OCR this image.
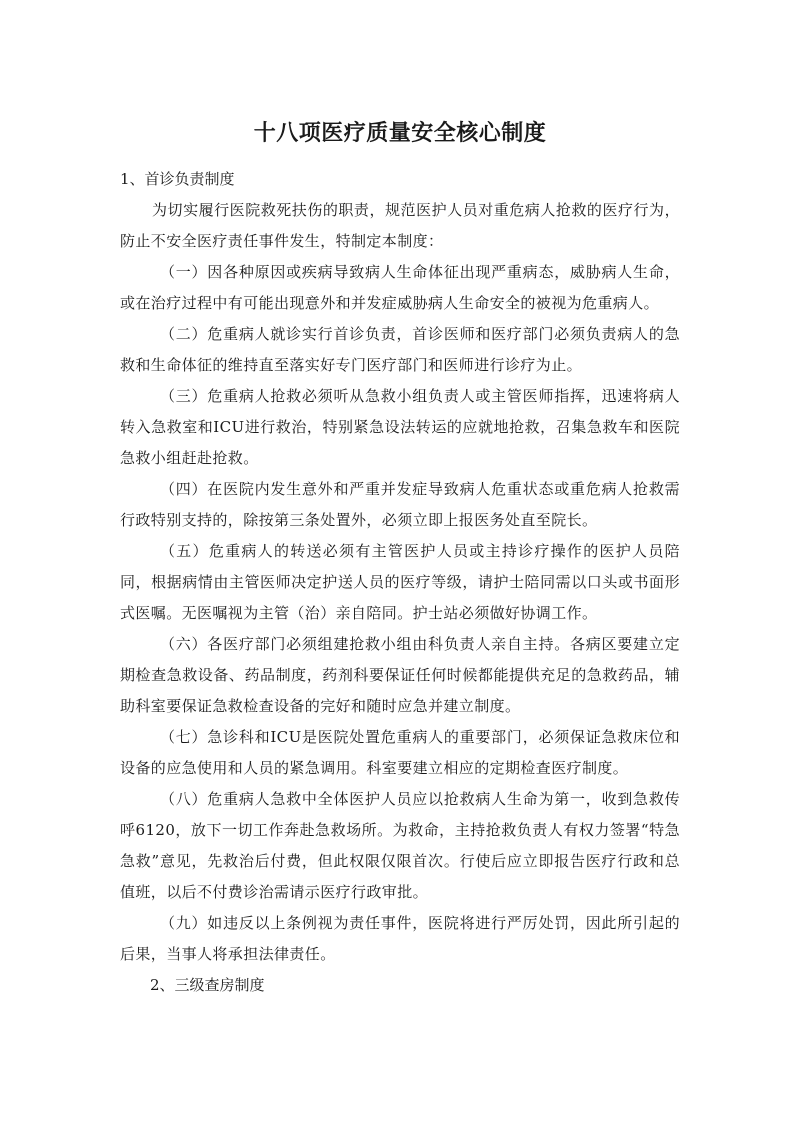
十八项医疗质量安全核心制度
1、首诊负责制度

为切实履行医院救死扶伤的职责，规范医护人员对重危病人抢救的医疗行为，防止不安全医疗责任事件发生，特制定本制度：

（一）因各种原因或疾病导致病人生命体征出现严重病态，威胁病人生命，或在治疗过程中有可能出现意外和并发症威胁病人生命安全的被视为危重病人。

（二）危重病人就诊实行首诊负责，首诊医师和医疗部门必须负责病人的急救和生命体征的维持直至落实好专门医疗部门和医师进行诊疗为止。

（三）危重病人抢救必须听从急救小组负责人或主管医师指挥，迅速将病人转入急救室和ICU进行救治，特别紧急设法转运的应就地抢救，召集急救车和医院急救小组赶赴抢救。

（四）在医院内发生意外和严重并发症导致病人危重状态或重危病人抢救需行政特别支持的，除按第三条处置外，必须立即上报医务处直至院长。

（五）危重病人的转送必须有主管医护人员或主持诊疗操作的医护人员陪同，根据病情由主管医师决定护送人员的医疗等级，请护士陪同需以口头或书面形式医嘱。无医嘱视为主管（治）亲自陪同。护士站必须做好协调工作。

（六）各医疗部门必须组建抢救小组由科负责人亲自主持。各病区要建立定期检查急救设备、药品制度，药剂科要保证任何时候都能提供充足的急救药品，辅助科室要保证急救检查设备的完好和随时应急并建立制度。

（七）急诊科和ICU是医院处置危重病人的重要部门，必须保证急救床位和设备的应急使用和人员的紧急调用。科室要建立相应的定期检查医疗制度。

（八）危重病人急救中全体医护人员应以抢救病人生命为第一，收到急救传呼6120，放下一切工作奔赴急救场所。为救命，主持抢救负责人有权力签署“特急急救”意见，先救治后付费，但此权限仅限首次。行使后应立即报告医疗行政和总值班，以后不付费诊治需请示医疗行政审批。

（九）如违反以上条例视为责任事件，医院将进行严厉处罚，因此所引起的后果，当事人将承担法律责任。

2、三级查房制度
